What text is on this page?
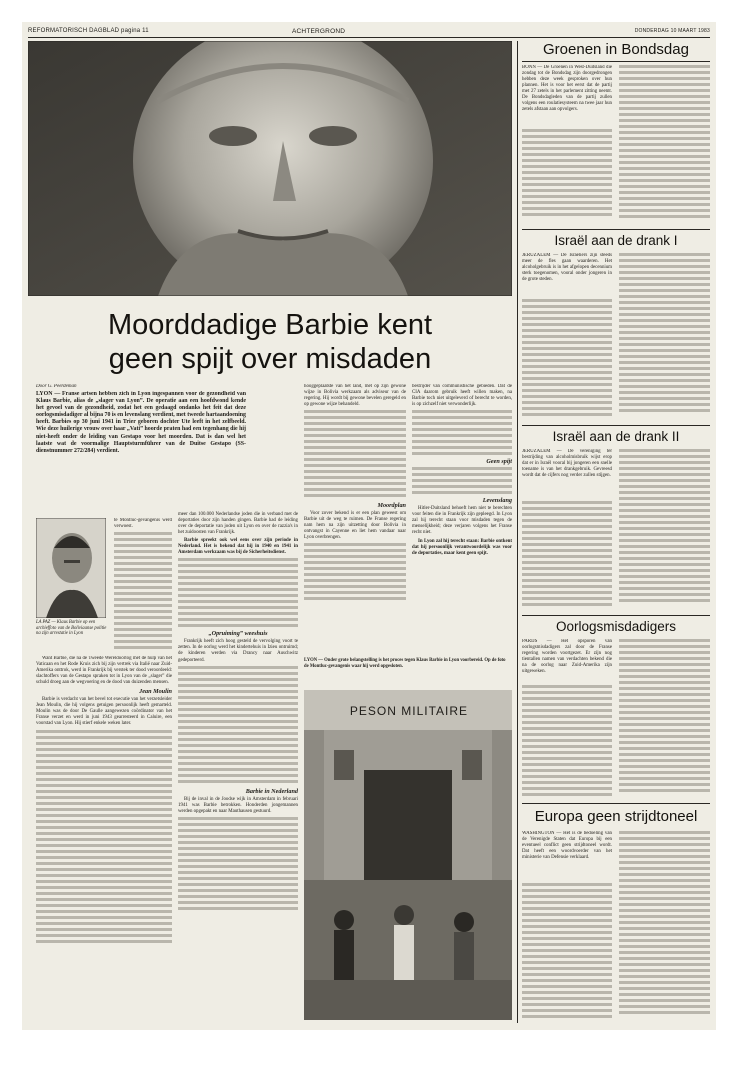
REFORMATORISCH DAGBLAD pagina 11	ACHTERGROND	DONDERDAG 10 MAART 1983
Moorddadige Barbie kent
geen spijt over misdaden
Door G. Peerdeman
LYON — Franse artsen hebben zich in Lyon ingespannen voor de gezondheid van Klaus Barbie, alias de „slager van Lyon”. De operatie aan een hoofdwond kende het gevoel van de gezondheid, zodat het een gedaagd ondanks het feit dat deze oorlogsmisdadiger al bijna 70 is en levenslang verdient, met tweede hartaandoening heeft. Barbies op 30 juni 1941 in Trier geboren dochter Ute leeft in het zelfbeeld. Wie deze huilerige vrouw over haar „Vati” hoorde praten had een tegenhang die hij niet-heeft onder de leiding van Gestapo voor het moorden. Dat is dan wel het laatste wat de voormalige Hauptsturmführer van de Duitse Gestapo (SS-dienstnummer 272/284) verdient.
LA PAZ — Klaus Barbie op een archieffoto van de Boliviaanse politie na zijn arrestatie in Lyon

te Montluc-gevangenis werd verwoest.

Want Barbie, die na de Tweede Wereldoorlog met de hulp van het Vaticaan en het Rode Kruis zich bij zijn vertrek via Italië naar Zuid-Amerika onttrok, werd in Frankrijk bij verstek ter dood veroordeeld: slachtoffers van de Gestapo spraken tot in Lyon van de „slager” die schuld droeg aan de wegvoering en de dood van duizenden mensen.

Jean Moulin

Barbie is verdacht van het bevel tot executie van het verzetsleider Jean Moulin, die hij volgens getuigen persoonlijk heeft gemarteld. Moulin was de door De Gaulle aangewezen coördinator van het Franse verzet en werd in juni 1943 gearresteerd in Caluire, een voorstad van Lyon. Hij stierf enkele weken later.

meer dan 100.000 Nederlandse joden die in verband met de deportaties door zijn handen gingen. Barbie had de leiding over de deportatie van joden uit Lyon en over de razzia's in het zuidoosten van Frankrijk.

Barbie spreekt ook wel eens over zijn periode in Nederland. Het is bekend dat hij in 1940 en 1941 in Amsterdam werkzaam was bij de Sicherheitsdienst.

„Opruiming” weeshuis

Frankrijk heeft zich hoog gesteld de vervolging voort te zetten. In de oorlog werd het kindertehuis in Izieu ontruimd; de kinderen werden via Drancy naar Auschwitz gedeporteerd.

Barbie in Nederland

Bij de inval in de Joodse wijk in Amsterdam in februari 1941 was Barbie betrokken. Honderden jongemannen werden opgepakt en naar Mauthausen gestuurd.

hooggeplaatste van het land, met op zijn gewone wijze in Bolivia werkzaam als adviseur van de regering. Hij wordt bij gewone bevelen geregeld en op gewone wijze behandeld.

Moordplan

Voor zover bekend is er een plan geweest om Barbie uit de weg te ruimen. De Franse regering nam hem na zijn uitzetting door Bolivia in ontvangst in Cayenne en liet hem vandaar naar Lyon overbrengen.

bestrijder van communistische gebieden. Dat de CIA daarom gebruik heeft willen maken, na Barbie toch niet uitgeleverd of berecht te worden, is op zichzelf niet verwonderlijk.

Geen spijt
Levenslang

Hitler-Duitsland behoeft hem niet te berechten voor feiten die in Frankrijk zijn gepleegd. In Lyon zal hij terecht staan voor misdaden tegen de menselijkheid; deze verjaren volgens het Franse recht niet.

In Lyon zal hij terecht staan: Barbie ontkent dat hij persoonlijk verantwoordelijk was voor de deportaties, maar kent geen spijt.

LYON — Onder grote belangstelling is het proces tegen Klaus Barbie in Lyon voorbereid. Op de foto de Montluc-gevangenis waar hij werd opgesloten.
PESON MILITAIRE
Groenen in Bondsdag

BONN — De Groenen in West-Duitsland die zondag tot de Bondsdag zijn doorgedrongen hebben deze week gesproken over hun plannen. Het is voor het eerst dat de partij met 27 zetels in het parlement zitting neemt. De Bondsdagleden van de partij zullen volgens een roulatiesysteem na twee jaar hun zetels afstaan aan opvolgers.

Israël aan de drank I

JERUZALEM — De Israëliers zijn steeds meer de fles gaan waarderen. Het alcoholgebruik is in het afgelopen decennium sterk toegenomen, vooral onder jongeren in de grote steden.

Israël aan de drank II

JERUZALEM — De vereniging ter bestrijding van alcoholmisbruik wijst erop dat er in Israël vooral bij jongeren een snelle toename is van het drankgebruik. Gevreesd wordt dat de cijfers nog verder zullen stijgen.

Oorlogsmisdadigers

PARIJS — Het opsporen van oorlogsmisdadigers zal door de Franse regering worden voortgezet. Er zijn nog tientallen namen van verdachten bekend die na de oorlog naar Zuid-Amerika zijn uitgeweken.

Europa geen strijdtoneel

WASHINGTON — Het is de bedoeling van de Verenigde Staten dat Europa bij een eventueel conflict geen strijdtoneel wordt. Dat heeft een woordvoerder van het ministerie van Defensie verklaard.
